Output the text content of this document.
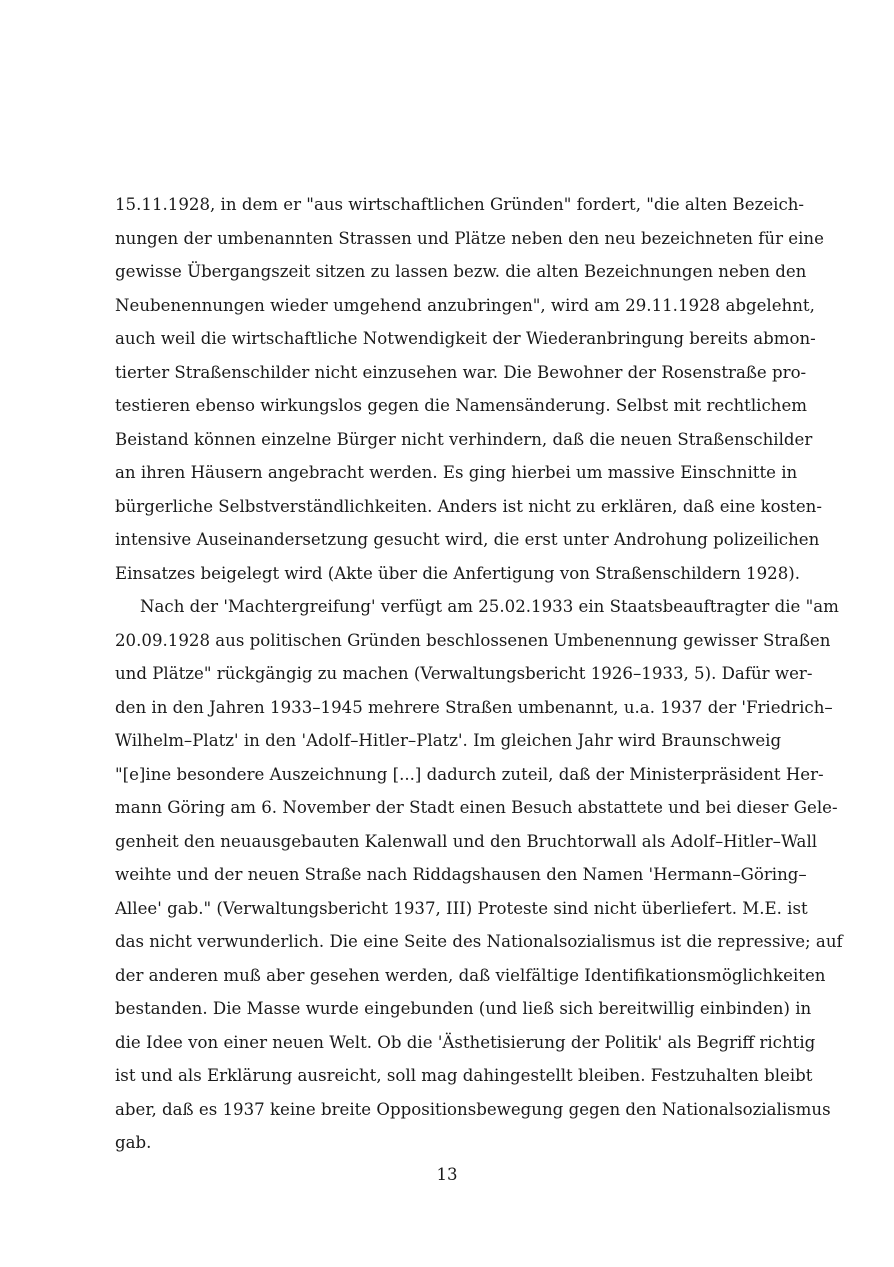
15.11.1928, in dem er "aus wirtschaftlichen Gründen" fordert, "die alten Bezeich-
nungen der umbenannten Strassen und Plätze neben den neu bezeichneten für eine
gewisse Übergangszeit sitzen zu lassen bezw. die alten Bezeichnungen neben den
Neubenennungen wieder umgehend anzubringen", wird am 29.11.1928 abgelehnt,
auch weil die wirtschaftliche Notwendigkeit der Wiederanbringung bereits abmon-
tierter Straßenschilder nicht einzusehen war. Die Bewohner der Rosenstraße pro-
testieren ebenso wirkungslos gegen die Namensänderung. Selbst mit rechtlichem
Beistand können einzelne Bürger nicht verhindern, daß die neuen Straßenschilder
an ihren Häusern angebracht werden. Es ging hierbei um massive Einschnitte in
bürgerliche Selbstverständlichkeiten. Anders ist nicht zu erklären, daß eine kosten-
intensive Auseinandersetzung gesucht wird, die erst unter Androhung polizeilichen
Einsatzes beigelegt wird (Akte über die Anfertigung von Straßenschildern 1928).
Nach der 'Machtergreifung' verfügt am 25.02.1933 ein Staatsbeauftragter die "am
20.09.1928 aus politischen Gründen beschlossenen Umbenennung gewisser Straßen
und Plätze" rückgängig zu machen (Verwaltungsbericht 1926–1933, 5). Dafür wer-
den in den Jahren 1933–1945 mehrere Straßen umbenannt, u.a. 1937 der 'Friedrich–
Wilhelm–Platz' in den 'Adolf–Hitler–Platz'. Im gleichen Jahr wird Braunschweig
"[e]ine besondere Auszeichnung [...] dadurch zuteil, daß der Ministerpräsident Her-
mann Göring am 6. November der Stadt einen Besuch abstattete und bei dieser Gele-
genheit den neuausgebauten Kalenwall und den Bruchtorwall als Adolf–Hitler–Wall
weihte und der neuen Straße nach Riddagshausen den Namen 'Hermann–Göring–
Allee' gab." (Verwaltungsbericht 1937, III) Proteste sind nicht überliefert. M.E. ist
das nicht verwunderlich. Die eine Seite des Nationalsozialismus ist die repressive; auf
der anderen muß aber gesehen werden, daß vielfältige Identifikationsmöglichkeiten
bestanden. Die Masse wurde eingebunden (und ließ sich bereitwillig einbinden) in
die Idee von einer neuen Welt. Ob die 'Ästhetisierung der Politik' als Begriff richtig
ist und als Erklärung ausreicht, soll mag dahingestellt bleiben. Festzuhalten bleibt
aber, daß es 1937 keine breite Oppositionsbewegung gegen den Nationalsozialismus
gab.
13
